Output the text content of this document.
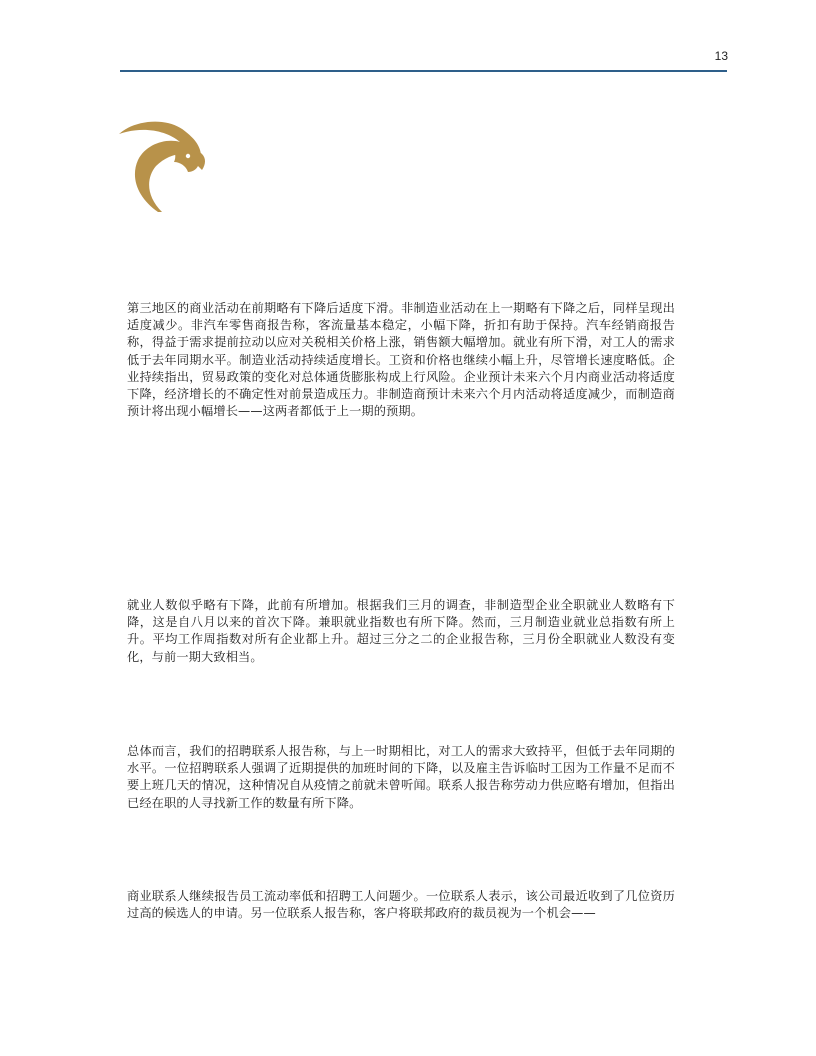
13

第三地区的商业活动在前期略有下降后适度下滑。非制造业活动在上一期略有下降之后，同样呈现出适度减少。非汽车零售商报告称，客流量基本稳定，小幅下降，折扣有助于保持。汽车经销商报告称，得益于需求提前拉动以应对关税相关价格上涨，销售额大幅增加。就业有所下滑，对工人的需求低于去年同期水平。制造业活动持续适度增长。工资和价格也继续小幅上升，尽管增长速度略低。企业持续指出，贸易政策的变化对总体通货膨胀构成上行风险。企业预计未来六个月内商业活动将适度下降，经济增长的不确定性对前景造成压力。非制造商预计未来六个月内活动将适度减少，而制造商预计将出现小幅增长——这两者都低于上一期的预期。

就业人数似乎略有下降，此前有所增加。根据我们三月的调查，非制造型企业全职就业人数略有下降，这是自八月以来的首次下降。兼职就业指数也有所下降。然而，三月制造业就业总指数有所上升。平均工作周指数对所有企业都上升。超过三分之二的企业报告称，三月份全职就业人数没有变化，与前一期大致相当。

总体而言，我们的招聘联系人报告称，与上一时期相比，对工人的需求大致持平，但低于去年同期的水平。一位招聘联系人强调了近期提供的加班时间的下降，以及雇主告诉临时工因为工作量不足而不要上班几天的情况，这种情况自从疫情之前就未曾听闻。联系人报告称劳动力供应略有增加，但指出已经在职的人寻找新工作的数量有所下降。

商业联系人继续报告员工流动率低和招聘工人问题少。一位联系人表示，该公司最近收到了几位资历过高的候选人的申请。另一位联系人报告称，客户将联邦政府的裁员视为一个机会——
